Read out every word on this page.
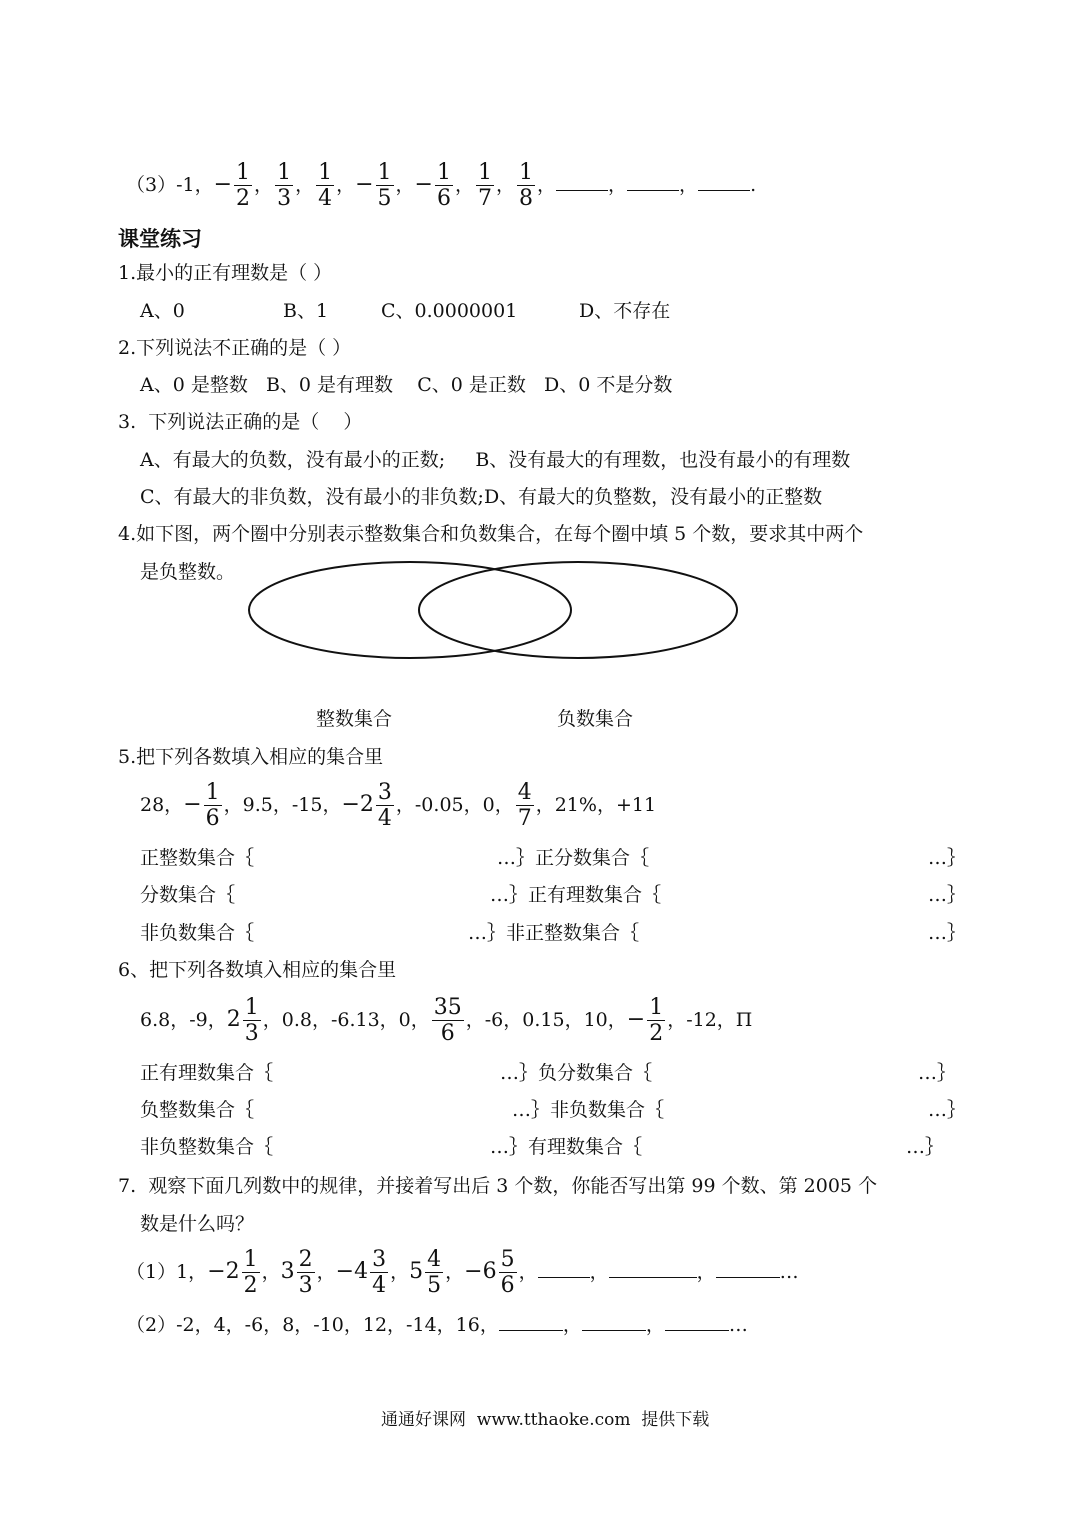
（3）-1，− $\frac{1}{2}$ ， $\frac{1}{3}$ ， $\frac{1}{4}$ ，− $\frac{1}{5}$ ，− $\frac{1}{6}$ ， $\frac{1}{7}$ ， $\frac{1}{8}$ ，	，	，	.
课堂练习
1.最小的正有理数是（ ）
A、0	B、1	C、0.0000001	D、不存在
2.下列说法不正确的是（ ）
A、0 是整数   B、0 是有理数    C、0 是正数   D、0 不是分数
3.  下列说法正确的是（    ）
A、有最大的负数，没有最小的正数;     B、没有最大的有理数，也没有最小的有理数
C、有最大的非负数，没有最小的非负数;D、有最大的负整数，没有最小的正整数
4.如下图，两个圈中分别表示整数集合和负数集合，在每个圈中填 5 个数，要求其中两个
是负整数。
整数集合	负数集合
5.把下列各数填入相应的集合里
28，− $\frac{1}{6}$ ，9.5，-15，$-2 \frac{3}{4}$ ，-0.05，0， $\frac{4}{7}$ ，21%，+11
正整数集合｛	…｝正分数集合｛	…｝
分数集合｛	…｝正有理数集合｛	…｝
非负数集合｛	…｝非正整数集合｛	…｝
6、把下列各数填入相应的集合里
6.8，-9，$2 \frac{1}{3}$ ，0.8，-6.13，0， $\frac{35}{6}$ ，-6，0.15，10，− $\frac{1}{2}$ ，-12，Π
正有理数集合｛	…｝负分数集合｛	…｝
负整数集合｛	…｝非负数集合｛	…｝
非负整数集合｛	…｝有理数集合｛	…｝
7.  观察下面几列数中的规律，并接着写出后 3 个数，你能否写出第 99 个数、第 2005 个
数是什么吗？
（1）1，$-2 \frac{1}{2}$ ，$3 \frac{2}{3}$ ，$-4 \frac{3}{4}$ ，$5 \frac{4}{5}$ ，$-6 \frac{5}{6}$ ，	，	，	…
（2）-2，4，-6，8，-10，12，-14，16，	，	，	…
通通好课网  www.tthaoke.com  提供下载
